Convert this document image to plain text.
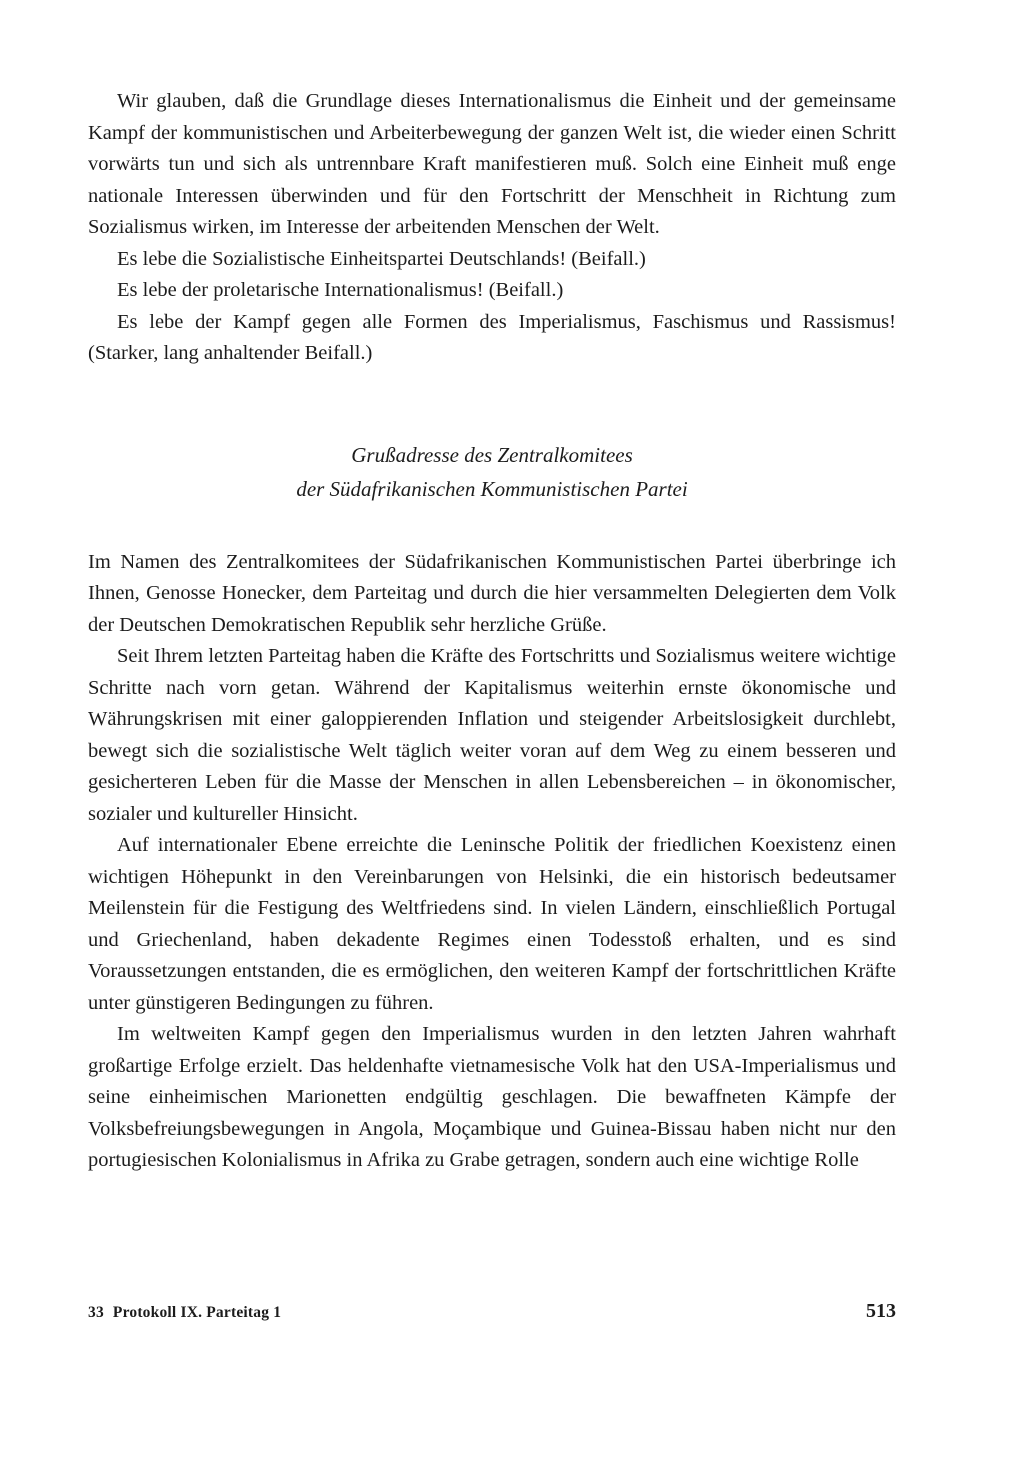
Wir glauben, daß die Grundlage dieses Internationalismus die Einheit und der gemeinsame Kampf der kommunistischen und Arbeiterbewegung der ganzen Welt ist, die wieder einen Schritt vorwärts tun und sich als untrennbare Kraft manifestieren muß. Solch eine Einheit muß enge nationale Interessen überwinden und für den Fortschritt der Menschheit in Richtung zum Sozialismus wirken, im Interesse der arbeitenden Menschen der Welt.

Es lebe die Sozialistische Einheitspartei Deutschlands! (Beifall.)

Es lebe der proletarische Internationalismus! (Beifall.)

Es lebe der Kampf gegen alle Formen des Imperialismus, Faschismus und Rassismus! (Starker, lang anhaltender Beifall.)

Grußadresse des Zentralkomitees
der Südafrikanischen Kommunistischen Partei

Im Namen des Zentralkomitees der Südafrikanischen Kommunistischen Partei überbringe ich Ihnen, Genosse Honecker, dem Parteitag und durch die hier versammelten Delegierten dem Volk der Deutschen Demokratischen Republik sehr herzliche Grüße.

Seit Ihrem letzten Parteitag haben die Kräfte des Fortschritts und Sozialismus weitere wichtige Schritte nach vorn getan. Während der Kapitalismus weiterhin ernste ökonomische und Währungskrisen mit einer galoppierenden Inflation und steigender Arbeitslosigkeit durchlebt, bewegt sich die sozialistische Welt täglich weiter voran auf dem Weg zu einem besseren und gesicherteren Leben für die Masse der Menschen in allen Lebensbereichen – in ökonomischer, sozialer und kultureller Hinsicht.

Auf internationaler Ebene erreichte die Leninsche Politik der friedlichen Koexistenz einen wichtigen Höhepunkt in den Vereinbarungen von Helsinki, die ein historisch bedeutsamer Meilenstein für die Festigung des Weltfriedens sind. In vielen Ländern, einschließlich Portugal und Griechenland, haben dekadente Regimes einen Todesstoß erhalten, und es sind Voraussetzungen entstanden, die es ermöglichen, den weiteren Kampf der fortschrittlichen Kräfte unter günstigeren Bedingungen zu führen.

Im weltweiten Kampf gegen den Imperialismus wurden in den letzten Jahren wahrhaft großartige Erfolge erzielt. Das heldenhafte vietnamesische Volk hat den USA-Imperialismus und seine einheimischen Marionetten endgültig geschlagen. Die bewaffneten Kämpfe der Volksbefreiungsbewegungen in Angola, Moçambique und Guinea-Bissau haben nicht nur den portugiesischen Kolonialismus in Afrika zu Grabe getragen, sondern auch eine wichtige Rolle

33 Protokoll IX. Parteitag 1	513
